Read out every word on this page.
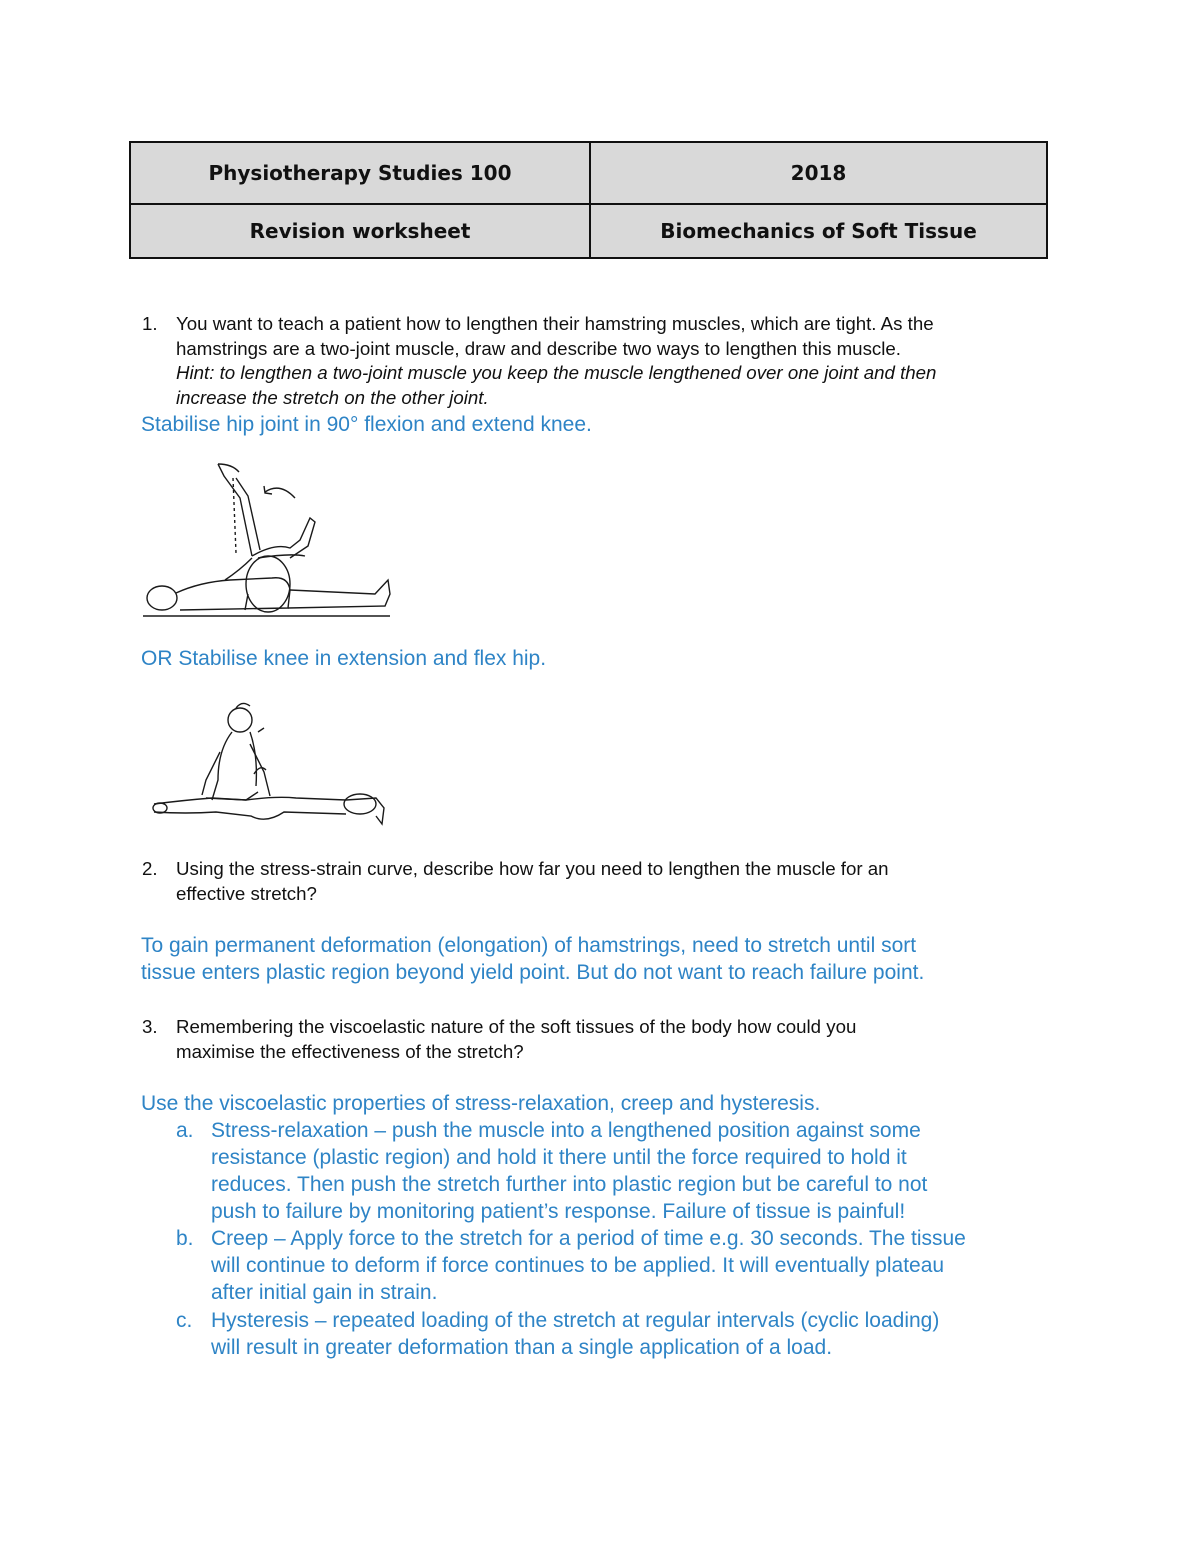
Physiotherapy Studies 100	2018
Revision worksheet	Biomechanics of Soft Tissue
1. You want to teach a patient how to lengthen their hamstring muscles, which are tight. As the
hamstrings are a two-joint muscle, draw and describe two ways to lengthen this muscle.
Hint: to lengthen a two-joint muscle you keep the muscle lengthened over one joint and then
increase the stretch on the other joint.
Stabilise hip joint in 90° flexion and extend knee.
OR Stabilise knee in extension and flex hip.
2. Using the stress-strain curve, describe how far you need to lengthen the muscle for an
effective stretch?
To gain permanent deformation (elongation) of hamstrings, need to stretch until sort
tissue enters plastic region beyond yield point. But do not want to reach failure point.
3. Remembering the viscoelastic nature of the soft tissues of the body how could you
maximise the effectiveness of the stretch?
Use the viscoelastic properties of stress-relaxation, creep and hysteresis.
a. Stress-relaxation – push the muscle into a lengthened position against some
resistance (plastic region) and hold it there until the force required to hold it
reduces. Then push the stretch further into plastic region but be careful to not
push to failure by monitoring patient’s response. Failure of tissue is painful!
b. Creep – Apply force to the stretch for a period of time e.g. 30 seconds. The tissue
will continue to deform if force continues to be applied. It will eventually plateau
after initial gain in strain.
c. Hysteresis – repeated loading of the stretch at regular intervals (cyclic loading)
will result in greater deformation than a single application of a load.
